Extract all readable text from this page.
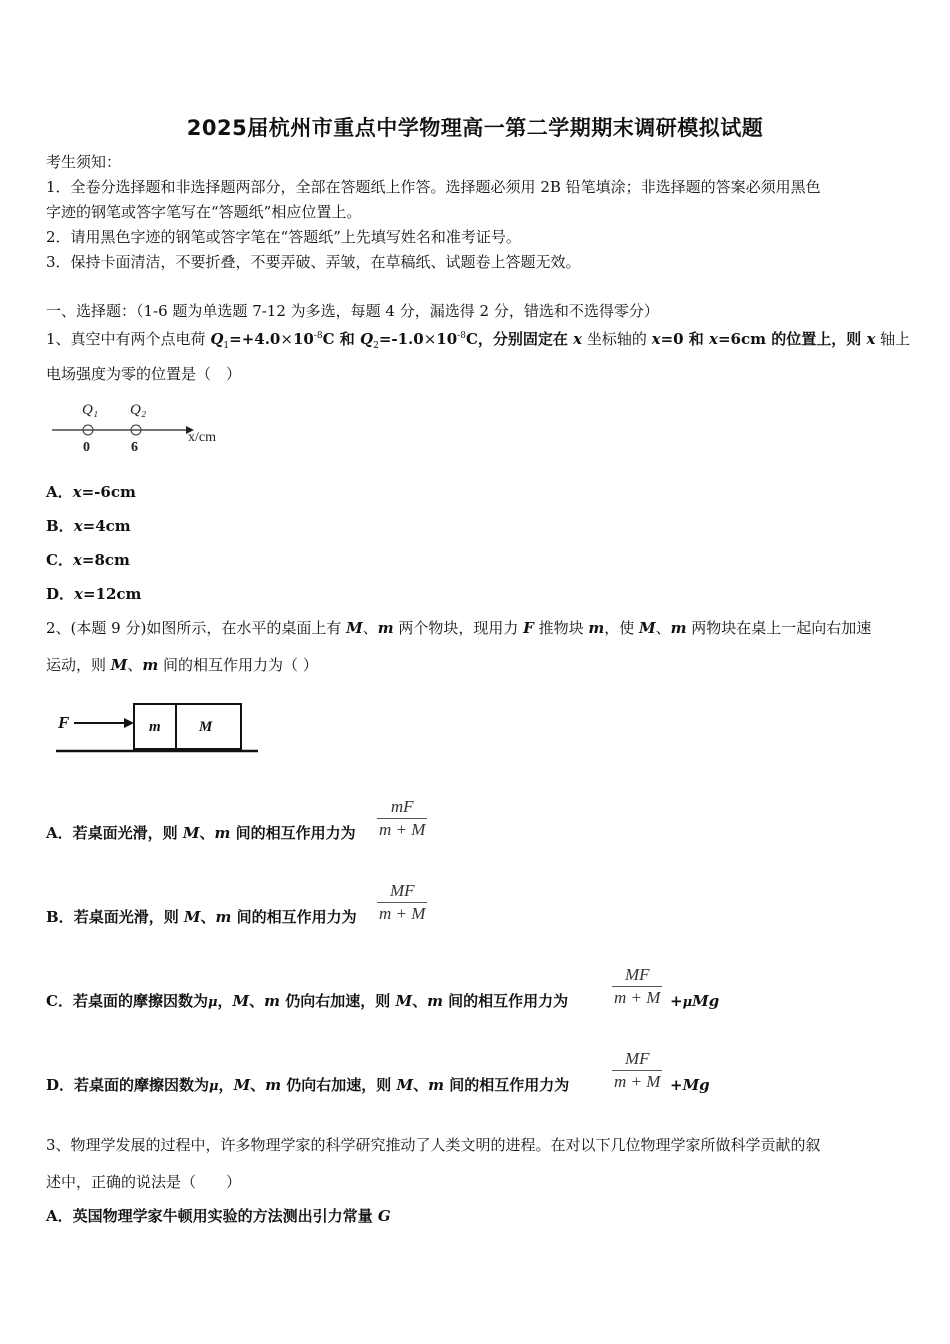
2025届杭州市重点中学物理高一第二学期期末调研模拟试题
考生须知：
1．全卷分选择题和非选择题两部分，全部在答题纸上作答。选择题必须用 2B 铅笔填涂；非选择题的答案必须用黑色
字迹的钢笔或答字笔写在“答题纸”相应位置上。
2．请用黑色字迹的钢笔或答字笔在“答题纸”上先填写姓名和准考证号。
3．保持卡面清洁，不要折叠，不要弄破、弄皱，在草稿纸、试题卷上答题无效。
一、选择题：（1-6 题为单选题 7-12 为多选，每题 4 分，漏选得 2 分，错选和不选得零分）
1、真空中有两个点电荷 $Q_1=+4.0\times 10^{-8}C$ 和 $Q_2=-1.0\times 10^{-8}C$，分别固定在 x 坐标轴的 x=0 和 x=6cm 的位置上，则 x 轴上
电场强度为零的位置是（　）
Q₁ Q₂
0	6
x/cm
A．x=-6cm
B．x=4cm
C．x=8cm
D．x=12cm
2、(本题 9 分)如图所示，在水平的桌面上有 M、m 两个物块，现用力 F 推物块 m，使 M、m 两物块在桌上一起向右加速
运动，则 M、m 间的相互作用力为（ ）
F	m	M
A．若桌面光滑，则 M、m 间的相互作用力为 $\frac{mF}{m + M}$
B．若桌面光滑，则 M、m 间的相互作用力为 $\frac{MF}{m + M}$
C．若桌面的摩擦因数为μ，M、m 仍向右加速，则 M、m 间的相互作用力为	$\frac{MF}{m + M} +\mu Mg$
D．若桌面的摩擦因数为μ，M、m 仍向右加速，则 M、m 间的相互作用力为	$\frac{MF}{m + M} +Mg$
3、物理学发展的过程中，许多物理学家的科学研究推动了人类文明的进程。在对以下几位物理学家所做科学贡献的叙
述中，正确的说法是（　　）
A．英国物理学家牛顿用实验的方法测出引力常量 G
